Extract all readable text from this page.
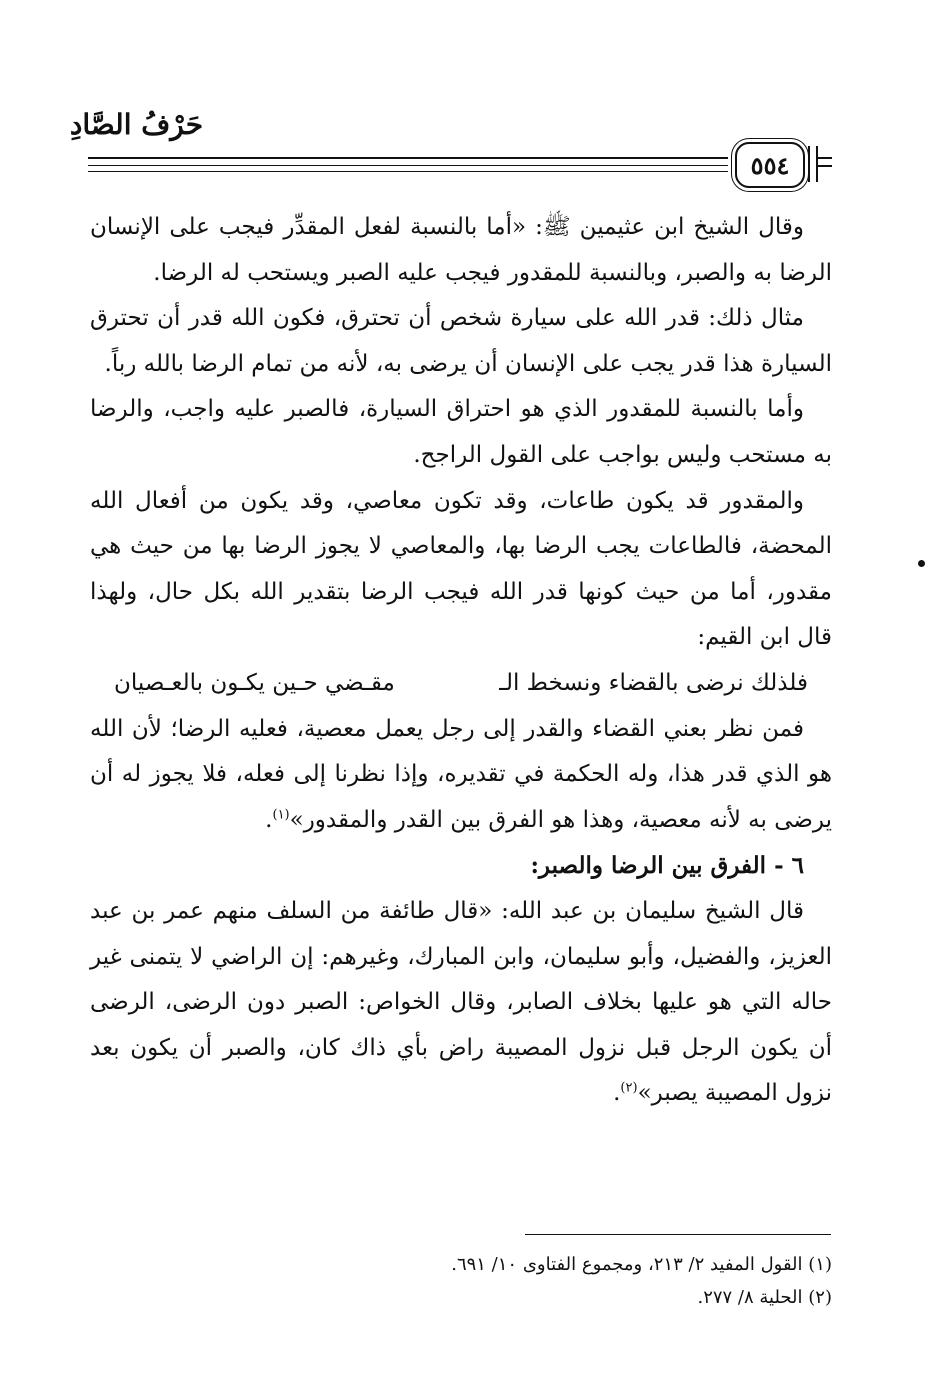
حَرْفُ الصَّادِ
٥٥٤

وقال الشيخ ابن عثيمين ﷺ: «أما بالنسبة لفعل المقدِّر فيجب على الإنسان الرضا به والصبر، وبالنسبة للمقدور فيجب عليه الصبر ويستحب له الرضا.

مثال ذلك: قدر الله على سيارة شخص أن تحترق، فكون الله قدر أن تحترق السيارة هذا قدر يجب على الإنسان أن يرضى به، لأنه من تمام الرضا بالله رباً.

وأما بالنسبة للمقدور الذي هو احتراق السيارة، فالصبر عليه واجب، والرضا به مستحب وليس بواجب على القول الراجح.

والمقدور قد يكون طاعات، وقد تكون معاصي، وقد يكون من أفعال الله المحضة، فالطاعات يجب الرضا بها، والمعاصي لا يجوز الرضا بها من حيث هي مقدور، أما من حيث كونها قدر الله فيجب الرضا بتقدير الله بكل حال، ولهذا قال ابن القيم:

فلذلك نرضى بالقضاء ونسخط الـ
مقـضي حـين يكـون بالعـصيان

فمن نظر بعني القضاء والقدر إلى رجل يعمل معصية، فعليه الرضا؛ لأن الله هو الذي قدر هذا، وله الحكمة في تقديره، وإذا نظرنا إلى فعله، فلا يجوز له أن يرضى به لأنه معصية، وهذا هو الفرق بين القدر والمقدور»$^{(١)}$.

٦ - الفرق بين الرضا والصبر:

قال الشيخ سليمان بن عبد الله: «قال طائفة من السلف منهم عمر بن عبد العزيز، والفضيل، وأبو سليمان، وابن المبارك، وغيرهم: إن الراضي لا يتمنى غير حاله التي هو عليها بخلاف الصابر، وقال الخواص: الصبر دون الرضى، الرضى أن يكون الرجل قبل نزول المصيبة راض بأي ذاك كان، والصبر أن يكون بعد نزول المصيبة يصبر»$^{(٢)}$.

(١) القول المفيد ٢/ ٢١٣، ومجموع الفتاوى ١٠/ ٦٩١.

(٢) الحلية ٨/ ٢٧٧.
